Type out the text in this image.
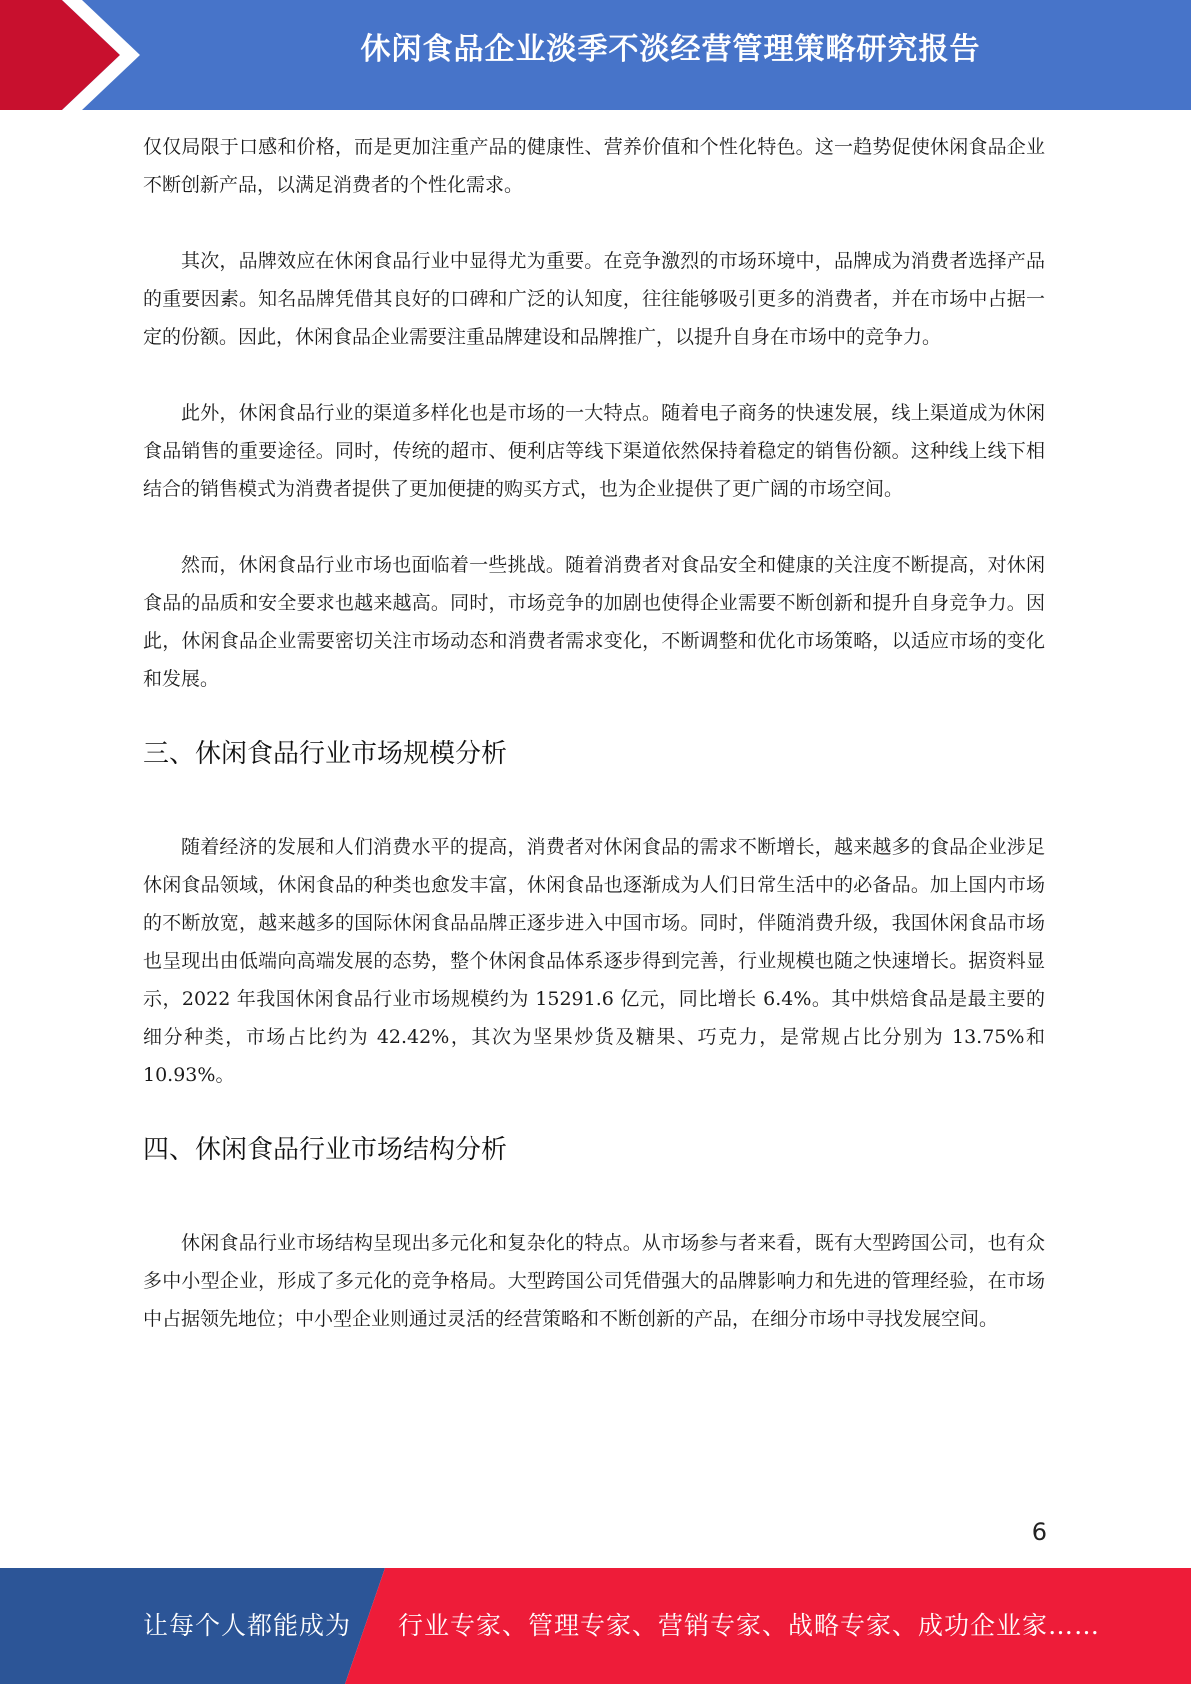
休闲食品企业淡季不淡经营管理策略研究报告

仅仅局限于口感和价格，而是更加注重产品的健康性、营养价值和个性化特色。这一趋势促使休闲食品企业不断创新产品，以满足消费者的个性化需求。

其次，品牌效应在休闲食品行业中显得尤为重要。在竞争激烈的市场环境中，品牌成为消费者选择产品的重要因素。知名品牌凭借其良好的口碑和广泛的认知度，往往能够吸引更多的消费者，并在市场中占据一定的份额。因此，休闲食品企业需要注重品牌建设和品牌推广，以提升自身在市场中的竞争力。

此外，休闲食品行业的渠道多样化也是市场的一大特点。随着电子商务的快速发展，线上渠道成为休闲食品销售的重要途径。同时，传统的超市、便利店等线下渠道依然保持着稳定的销售份额。这种线上线下相结合的销售模式为消费者提供了更加便捷的购买方式，也为企业提供了更广阔的市场空间。

然而，休闲食品行业市场也面临着一些挑战。随着消费者对食品安全和健康的关注度不断提高，对休闲食品的品质和安全要求也越来越高。同时，市场竞争的加剧也使得企业需要不断创新和提升自身竞争力。因此，休闲食品企业需要密切关注市场动态和消费者需求变化，不断调整和优化市场策略，以适应市场的变化和发展。

三、休闲食品行业市场规模分析

随着经济的发展和人们消费水平的提高，消费者对休闲食品的需求不断增长，越来越多的食品企业涉足休闲食品领域，休闲食品的种类也愈发丰富，休闲食品也逐渐成为人们日常生活中的必备品。加上国内市场的不断放宽，越来越多的国际休闲食品品牌正逐步进入中国市场。同时，伴随消费升级，我国休闲食品市场也呈现出由低端向高端发展的态势，整个休闲食品体系逐步得到完善，行业规模也随之快速增长。据资料显示，2022 年我国休闲食品行业市场规模约为 15291.6 亿元，同比增长 6.4%。其中烘焙食品是最主要的细分种类，市场占比约为 42.42%，其次为坚果炒货及糖果、巧克力，是常规占比分别为 13.75%和 10.93%。

四、休闲食品行业市场结构分析

休闲食品行业市场结构呈现出多元化和复杂化的特点。从市场参与者来看，既有大型跨国公司，也有众多中小型企业，形成了多元化的竞争格局。大型跨国公司凭借强大的品牌影响力和先进的管理经验，在市场中占据领先地位；中小型企业则通过灵活的经营策略和不断创新的产品，在细分市场中寻找发展空间。

6
让每个人都能成为 行业专家、管理专家、营销专家、战略专家、成功企业家……
